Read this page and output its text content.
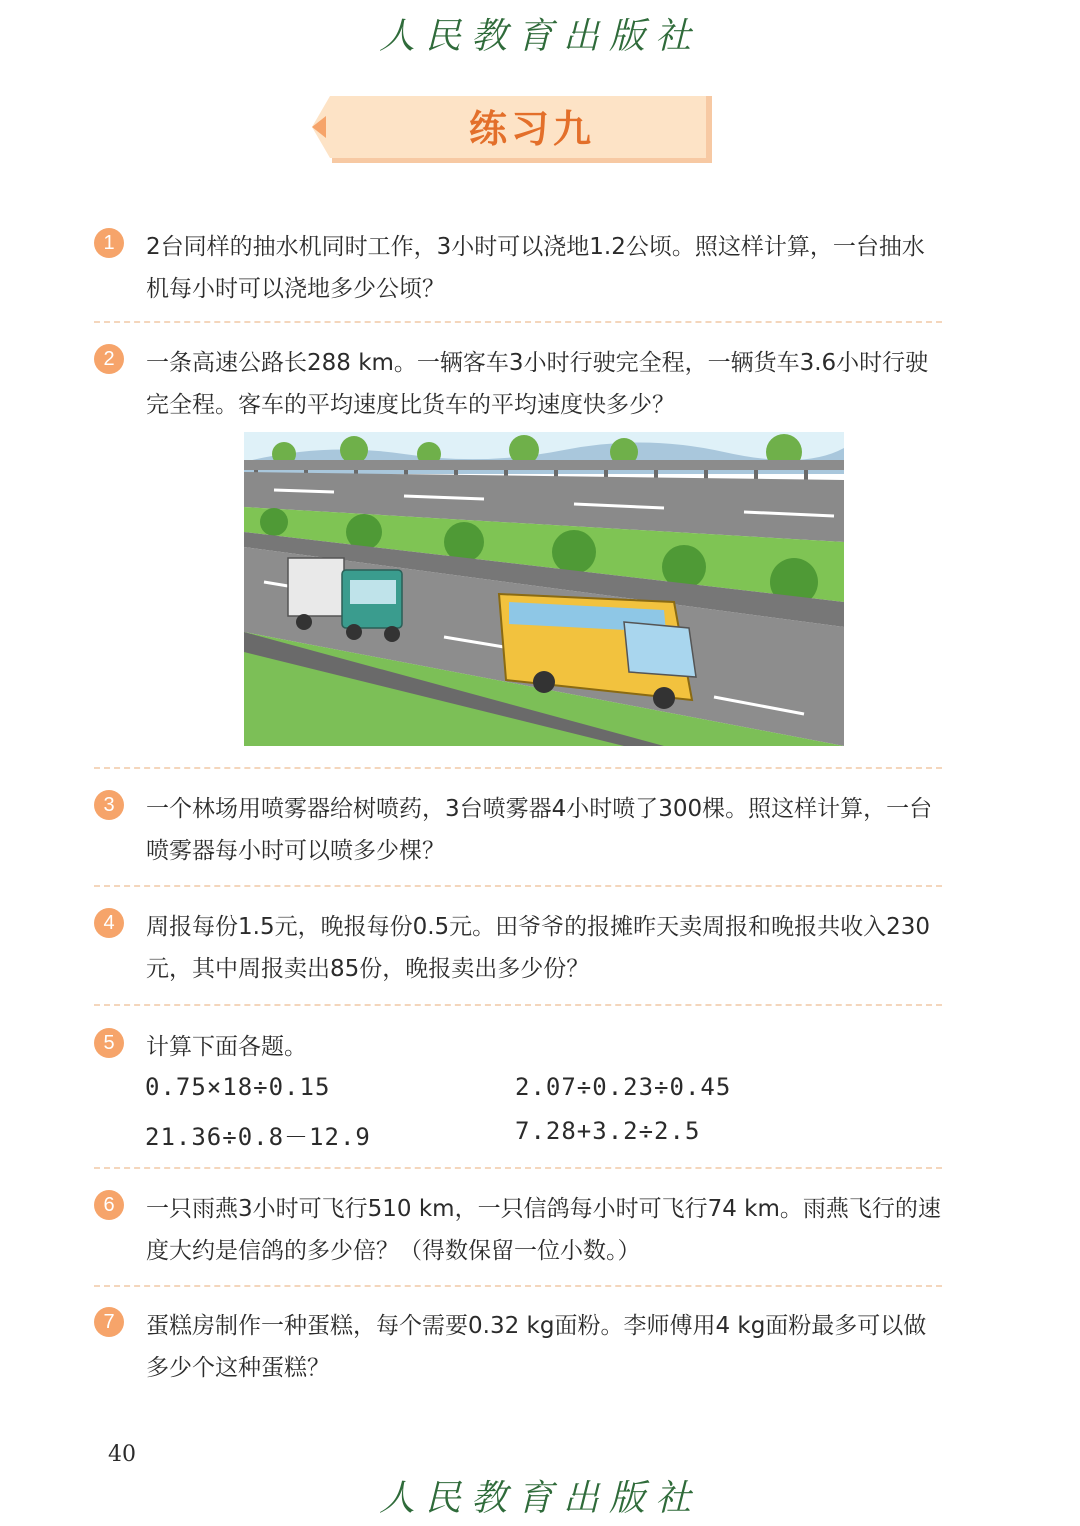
人民教育出版社
练习九
1	2台同样的抽水机同时工作，3小时可以浇地1.2公顷。照这样计算，一台抽水机每小时可以浇地多少公顷？
2	一条高速公路长288 km。一辆客车3小时行驶完全程，一辆货车3.6小时行驶完全程。客车的平均速度比货车的平均速度快多少？
3	一个林场用喷雾器给树喷药，3台喷雾器4小时喷了300棵。照这样计算，一台喷雾器每小时可以喷多少棵？
4	周报每份1.5元，晚报每份0.5元。田爷爷的报摊昨天卖周报和晚报共收入230元，其中周报卖出85份，晚报卖出多少份？
5	计算下面各题。
0.75×18÷0.15	2.07÷0.23÷0.45
21.36÷0.8－12.9	7.28+3.2÷2.5
6	一只雨燕3小时可飞行510 km，一只信鸽每小时可飞行74 km。雨燕飞行的速度大约是信鸽的多少倍？（得数保留一位小数。）
7	蛋糕房制作一种蛋糕，每个需要0.32 kg面粉。李师傅用4 kg面粉最多可以做多少个这种蛋糕？
40
人民教育出版社
